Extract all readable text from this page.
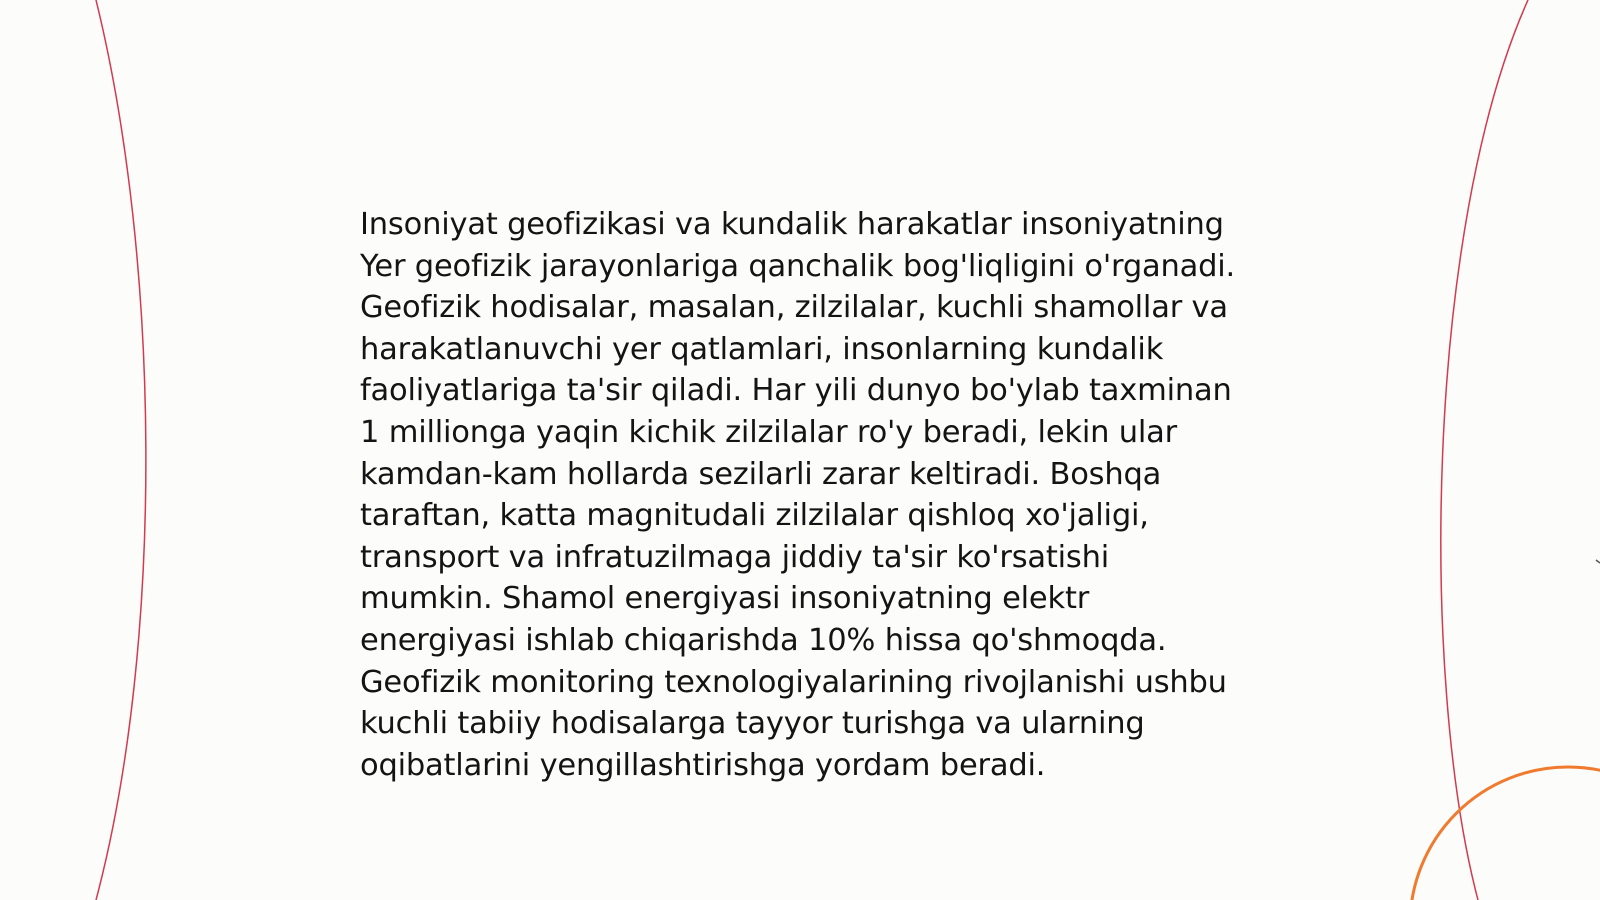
Insoniyat geofizikasi va kundalik harakatlar insoniyatning Yer geofizik jarayonlariga qanchalik bog'liqligini o'rganadi. Geofizik hodisalar, masalan, zilzilalar, kuchli shamollar va harakatlanuvchi yer qatlamlari, insonlarning kundalik faoliyatlariga ta'sir qiladi. Har yili dunyo bo'ylab taxminan 1 millionga yaqin kichik zilzilalar ro'y beradi, lekin ular kamdan-kam hollarda sezilarli zarar keltiradi. Boshqa taraftan, katta magnitudali zilzilalar qishloq xo'jaligi, transport va infratuzilmaga jiddiy ta'sir ko'rsatishi mumkin. Shamol energiyasi insoniyatning elektr energiyasi ishlab chiqarishda 10% hissa qo'shmoqda. Geofizik monitoring texnologiyalarining rivojlanishi ushbu kuchli tabiiy hodisalarga tayyor turishga va ularning oqibatlarini yengillashtirishga yordam beradi.
